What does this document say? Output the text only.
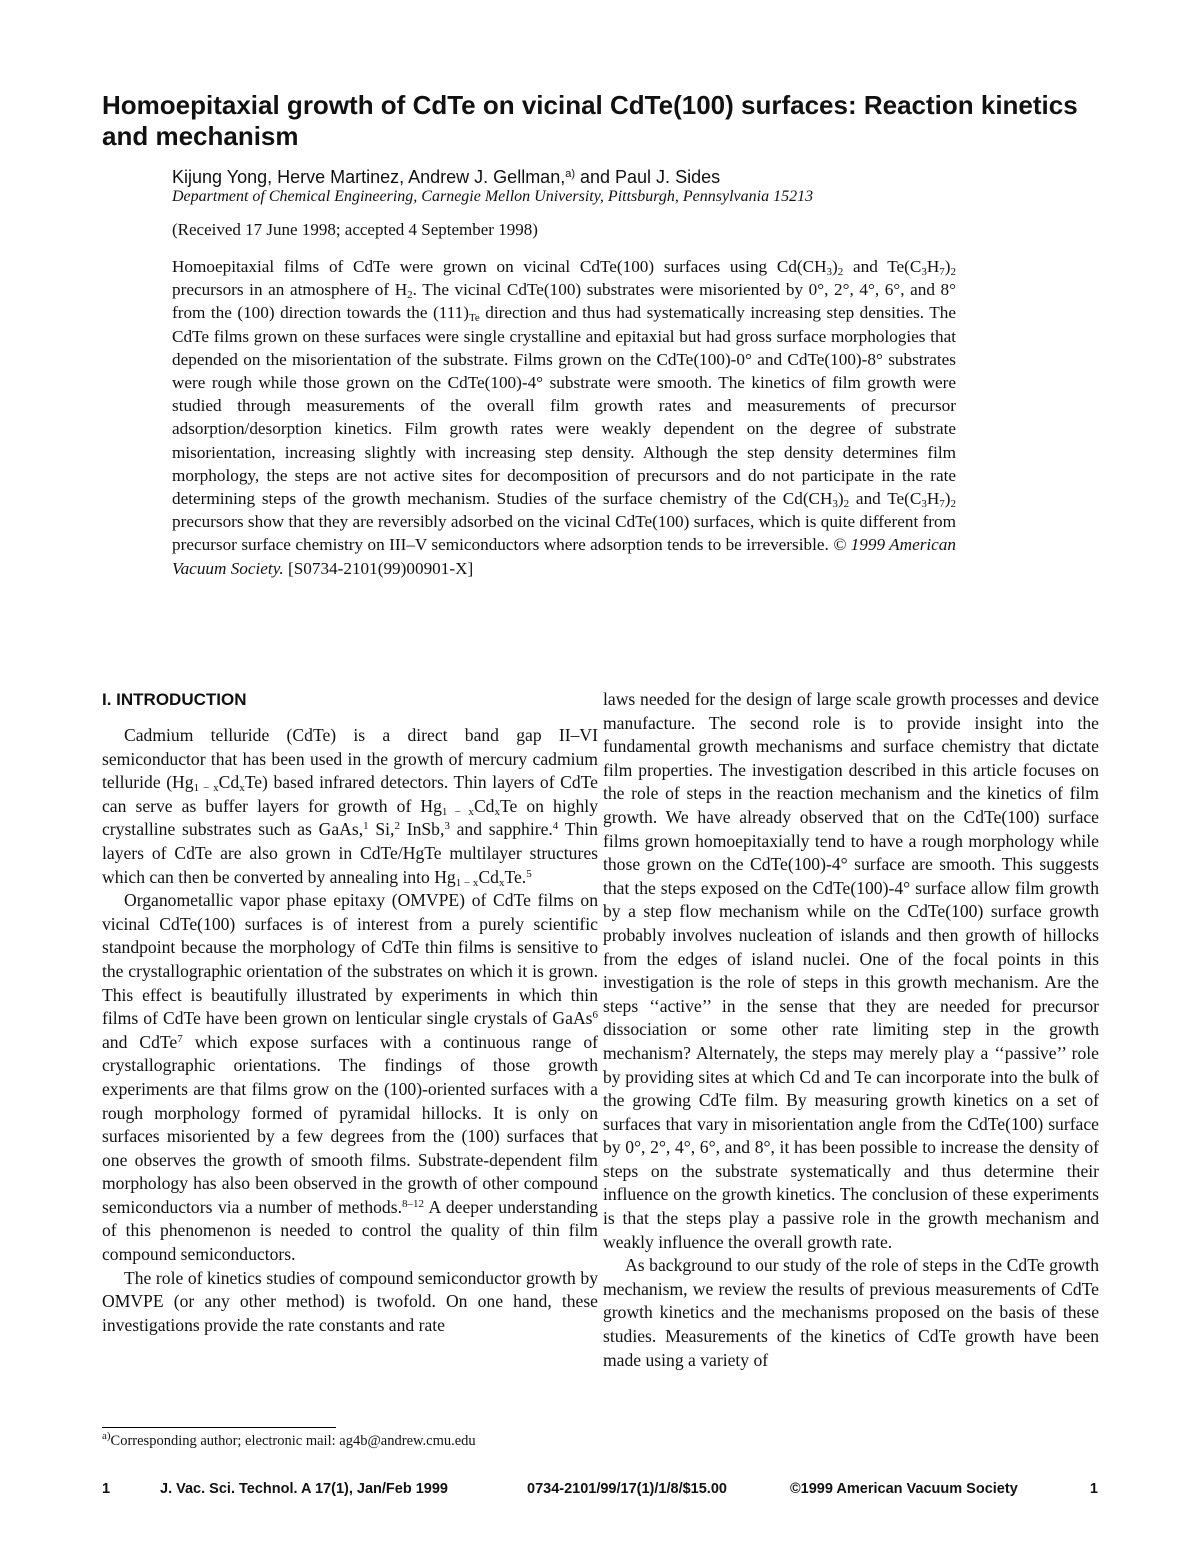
Homoepitaxial growth of CdTe on vicinal CdTe(100) surfaces: Reaction kinetics and mechanism
Kijung Yong, Herve Martinez, Andrew J. Gellman,$^{a)}$ and Paul J. Sides
Department of Chemical Engineering, Carnegie Mellon University, Pittsburgh, Pennsylvania 15213
(Received 17 June 1998; accepted 4 September 1998)

Homoepitaxial films of CdTe were grown on vicinal CdTe(100) surfaces using $Cd(CH_3)_2$ and $Te(C_3H_7)_2$ precursors in an atmosphere of $H_2$. The vicinal CdTe(100) substrates were misoriented by 0°, 2°, 4°, 6°, and 8° from the (100) direction towards the $(111)_{Te}$ direction and thus had systematically increasing step densities. The CdTe films grown on these surfaces were single crystalline and epitaxial but had gross surface morphologies that depended on the misorientation of the substrate. Films grown on the CdTe(100)-0° and CdTe(100)-8° substrates were rough while those grown on the CdTe(100)-4° substrate were smooth. The kinetics of film growth were studied through measurements of the overall film growth rates and measurements of precursor adsorption/desorption kinetics. Film growth rates were weakly dependent on the degree of substrate misorientation, increasing slightly with increasing step density. Although the step density determines film morphology, the steps are not active sites for decomposition of precursors and do not participate in the rate determining steps of the growth mechanism. Studies of the surface chemistry of the $Cd(CH_3)_2$ and $Te(C_3H_7)_2$ precursors show that they are reversibly adsorbed on the vicinal CdTe(100) surfaces, which is quite different from precursor surface chemistry on III–V semiconductors where adsorption tends to be irreversible. © 1999 American Vacuum Society. [S0734-2101(99)00901-X]

I. INTRODUCTION

Cadmium telluride (CdTe) is a direct band gap II–VI semiconductor that has been used in the growth of mercury cadmium telluride $(Hg_{1 - x}Cd_xTe)$ based infrared detectors. Thin layers of CdTe can serve as buffer layers for growth of $Hg_{1 - x}Cd_xTe$ on highly crystalline substrates such as GaAs,$^1$ Si,$^2$ InSb,$^3$ and sapphire.$^4$ Thin layers of CdTe are also grown in CdTe/HgTe multilayer structures which can then be converted by annealing into $Hg_{1 - x}Cd_xTe.^5$

Organometallic vapor phase epitaxy (OMVPE) of CdTe films on vicinal CdTe(100) surfaces is of interest from a purely scientific standpoint because the morphology of CdTe thin films is sensitive to the crystallographic orientation of the substrates on which it is grown. This effect is beautifully illustrated by experiments in which thin films of CdTe have been grown on lenticular single crystals of GaAs$^6$ and CdTe$^7$ which expose surfaces with a continuous range of crystallographic orientations. The findings of those growth experiments are that films grow on the (100)-oriented surfaces with a rough morphology formed of pyramidal hillocks. It is only on surfaces misoriented by a few degrees from the (100) surfaces that one observes the growth of smooth films. Substrate-dependent film morphology has also been observed in the growth of other compound semiconductors via a number of methods.$^{8-12}$ A deeper understanding of this phenomenon is needed to control the quality of thin film compound semiconductors.

The role of kinetics studies of compound semiconductor growth by OMVPE (or any other method) is twofold. On one hand, these investigations provide the rate constants and rate

laws needed for the design of large scale growth processes and device manufacture. The second role is to provide insight into the fundamental growth mechanisms and surface chemistry that dictate film properties. The investigation described in this article focuses on the role of steps in the reaction mechanism and the kinetics of film growth. We have already observed that on the CdTe(100) surface films grown homoepitaxially tend to have a rough morphology while those grown on the CdTe(100)-4° surface are smooth. This suggests that the steps exposed on the CdTe(100)-4° surface allow film growth by a step flow mechanism while on the CdTe(100) surface growth probably involves nucleation of islands and then growth of hillocks from the edges of island nuclei. One of the focal points in this investigation is the role of steps in this growth mechanism. Are the steps ‘‘active’’ in the sense that they are needed for precursor dissociation or some other rate limiting step in the growth mechanism? Alternately, the steps may merely play a ‘‘passive’’ role by providing sites at which Cd and Te can incorporate into the bulk of the growing CdTe film. By measuring growth kinetics on a set of surfaces that vary in misorientation angle from the CdTe(100) surface by 0°, 2°, 4°, 6°, and 8°, it has been possible to increase the density of steps on the substrate systematically and thus determine their influence on the growth kinetics. The conclusion of these experiments is that the steps play a passive role in the growth mechanism and weakly influence the overall growth rate.

As background to our study of the role of steps in the CdTe growth mechanism, we review the results of previous measurements of CdTe growth kinetics and the mechanisms proposed on the basis of these studies. Measurements of the kinetics of CdTe growth have been made using a variety of

$^{a)}$Corresponding author; electronic mail: ag4b@andrew.cmu.edu
1	J. Vac. Sci. Technol. A 17(1), Jan/Feb 1999	0734-2101/99/17(1)/1/8/$15.00	©1999 American Vacuum Society	1
